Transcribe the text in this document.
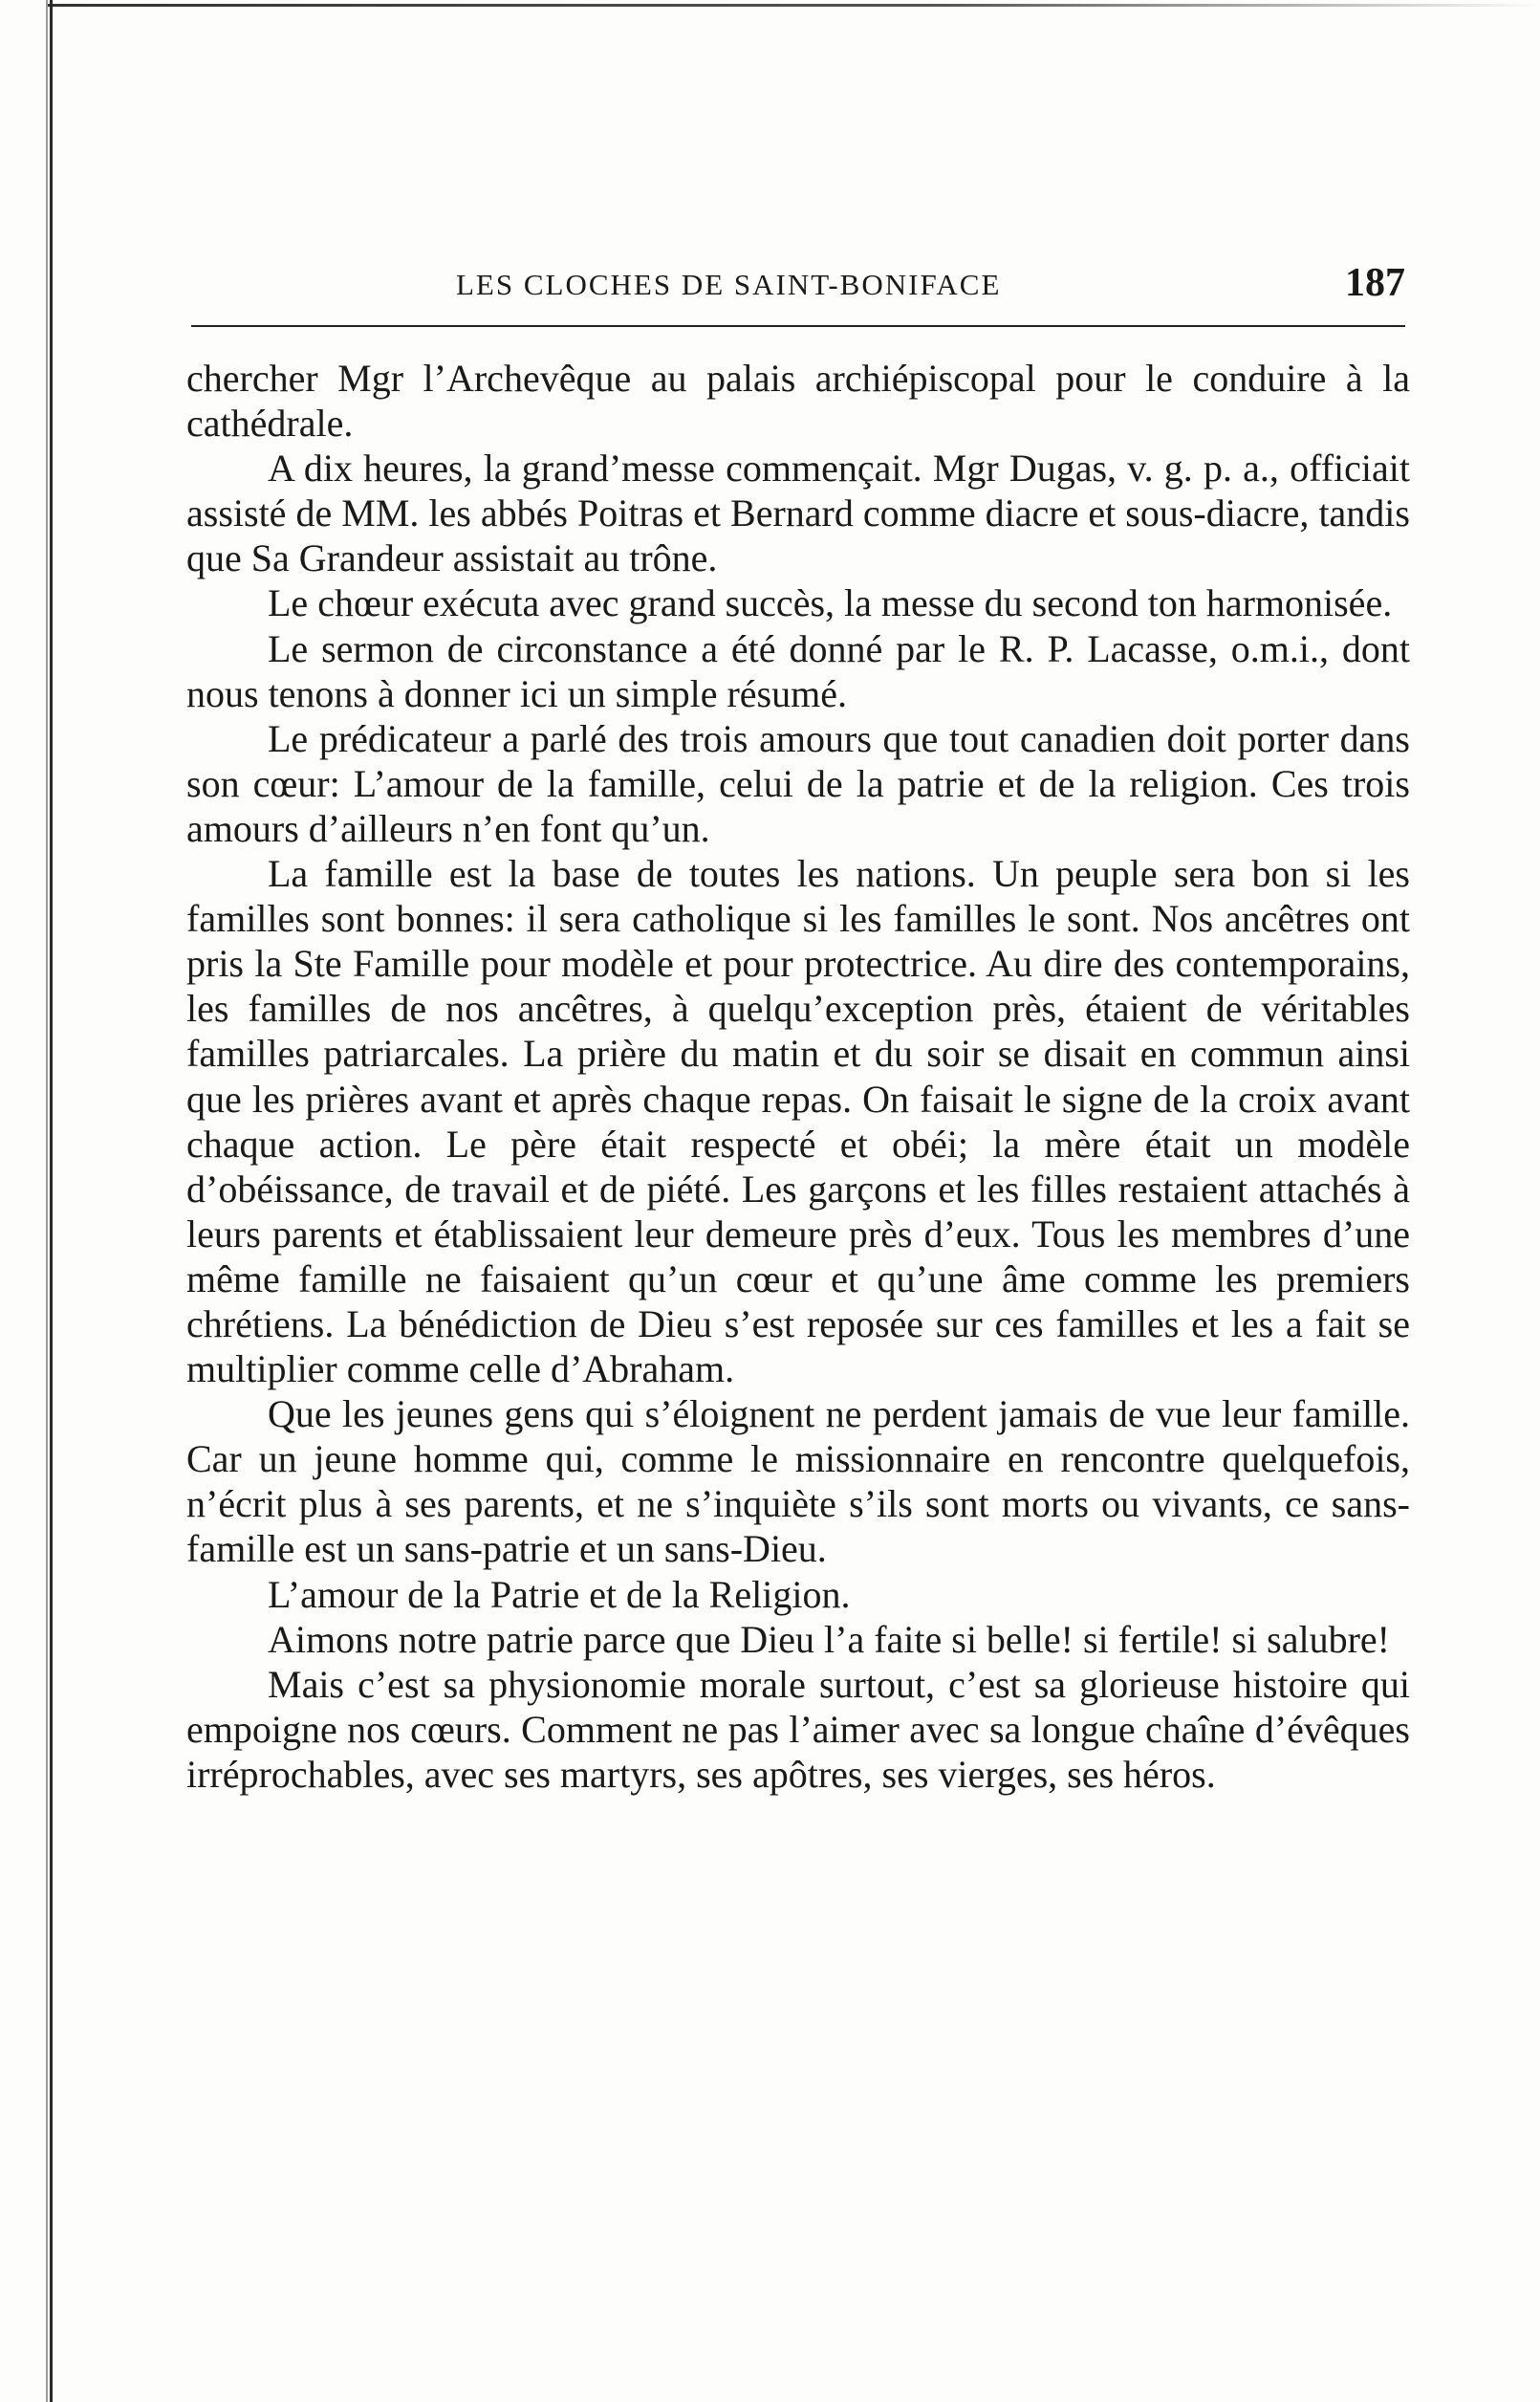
LES CLOCHES DE SAINT-BONIFACE	187

chercher Mgr l’Archevêque au palais archiépiscopal pour le conduire à la cathédrale.

A dix heures, la grand’messe commençait. Mgr Dugas, v. g. p. a., officiait assisté de MM. les abbés Poitras et Bernard comme diacre et sous-diacre, tandis que Sa Grandeur assistait au trône.

Le chœur exécuta avec grand succès, la messe du second ton harmonisée.

Le sermon de circonstance a été donné par le R. P. Lacasse, o.m.i., dont nous tenons à donner ici un simple résumé.

Le prédicateur a parlé des trois amours que tout canadien doit porter dans son cœur: L’amour de la famille, celui de la patrie et de la religion. Ces trois amours d’ailleurs n’en font qu’un.

La famille est la base de toutes les nations. Un peuple sera bon si les familles sont bonnes: il sera catholique si les familles le sont. Nos ancêtres ont pris la Ste Famille pour modèle et pour protectrice. Au dire des contemporains, les familles de nos ancêtres, à quelqu’exception près, étaient de véritables familles patriarcales. La prière du matin et du soir se disait en commun ainsi que les prières avant et après chaque repas. On faisait le signe de la croix avant chaque action. Le père était respecté et obéi; la mère était un modèle d’obéissance, de travail et de piété. Les garçons et les filles restaient attachés à leurs parents et établissaient leur demeure près d’eux. Tous les membres d’une même famille ne faisaient qu’un cœur et qu’une âme comme les premiers chrétiens. La bénédiction de Dieu s’est reposée sur ces familles et les a fait se multiplier comme celle d’Abraham.

Que les jeunes gens qui s’éloignent ne perdent jamais de vue leur famille. Car un jeune homme qui, comme le missionnaire en rencontre quelquefois, n’écrit plus à ses parents, et ne s’inquiète s’ils sont morts ou vivants, ce sans-famille est un sans-patrie et un sans-Dieu.

L’amour de la Patrie et de la Religion.

Aimons notre patrie parce que Dieu l’a faite si belle! si fertile! si salubre!

Mais c’est sa physionomie morale surtout, c’est sa glorieuse histoire qui empoigne nos cœurs. Comment ne pas l’aimer avec sa longue chaîne d’évêques irréprochables, avec ses martyrs, ses apôtres, ses vierges, ses héros.
